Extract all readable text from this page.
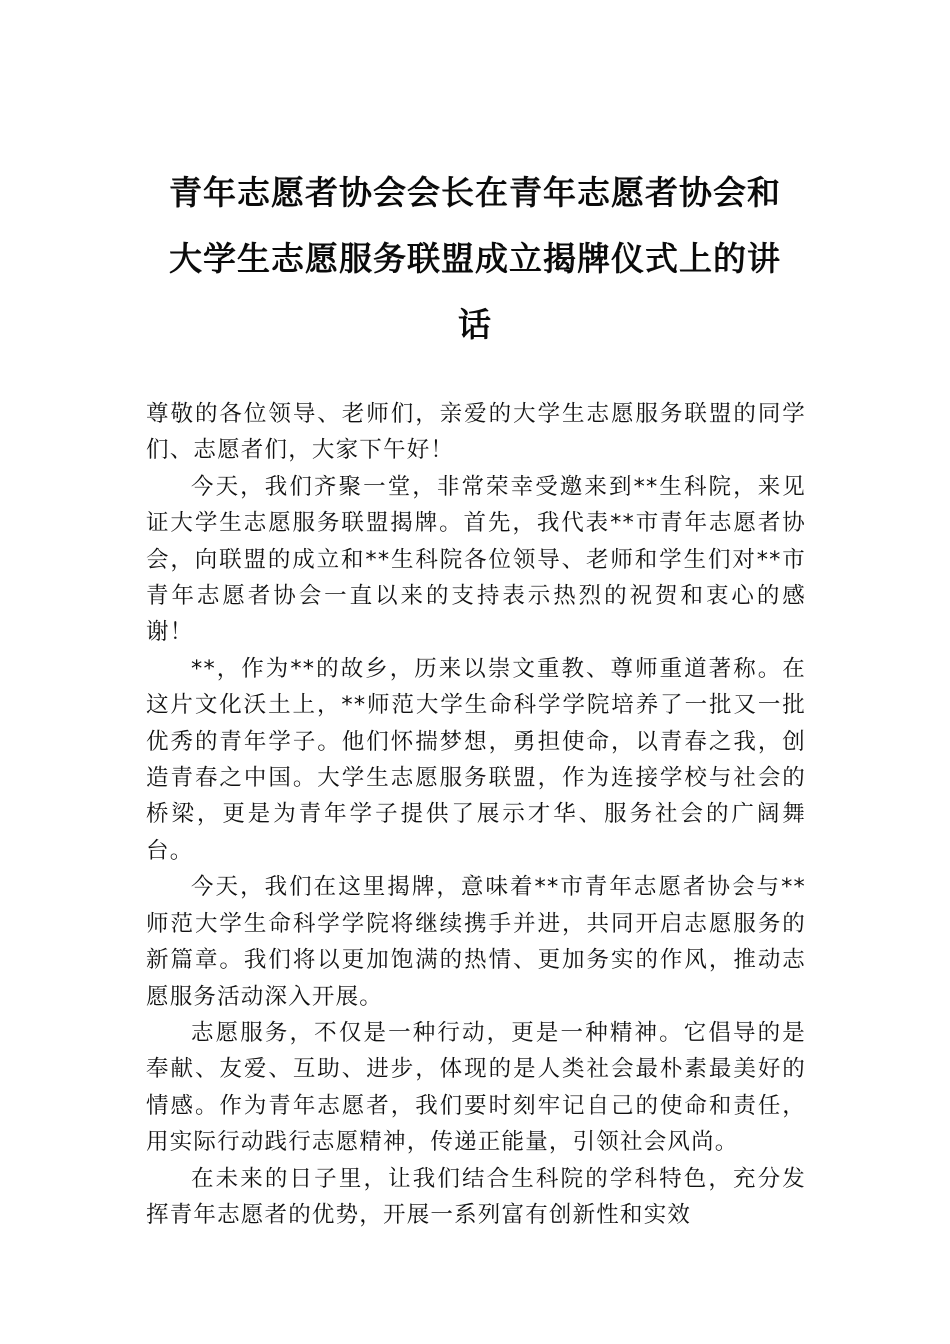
青年志愿者协会会长在青年志愿者协会和
大学生志愿服务联盟成立揭牌仪式上的讲
话

尊敬的各位领导、老师们，亲爱的大学生志愿服务联盟的同学们、志愿者们，大家下午好！

今天，我们齐聚一堂，非常荣幸受邀来到**生科院，来见证大学生志愿服务联盟揭牌。首先，我代表**市青年志愿者协会，向联盟的成立和**生科院各位领导、老师和学生们对**市青年志愿者协会一直以来的支持表示热烈的祝贺和衷心的感谢！

**，作为**的故乡，历来以崇文重教、尊师重道著称。在这片文化沃土上，**师范大学生命科学学院培养了一批又一批优秀的青年学子。他们怀揣梦想，勇担使命，以青春之我，创造青春之中国。大学生志愿服务联盟，作为连接学校与社会的桥梁，更是为青年学子提供了展示才华、服务社会的广阔舞台。

今天，我们在这里揭牌，意味着**市青年志愿者协会与**师范大学生命科学学院将继续携手并进，共同开启志愿服务的新篇章。我们将以更加饱满的热情、更加务实的作风，推动志愿服务活动深入开展。

志愿服务，不仅是一种行动，更是一种精神。它倡导的是奉献、友爱、互助、进步，体现的是人类社会最朴素最美好的情感。作为青年志愿者，我们要时刻牢记自己的使命和责任，用实际行动践行志愿精神，传递正能量，引领社会风尚。

在未来的日子里，让我们结合生科院的学科特色，充分发挥青年志愿者的优势，开展一系列富有创新性和实效
